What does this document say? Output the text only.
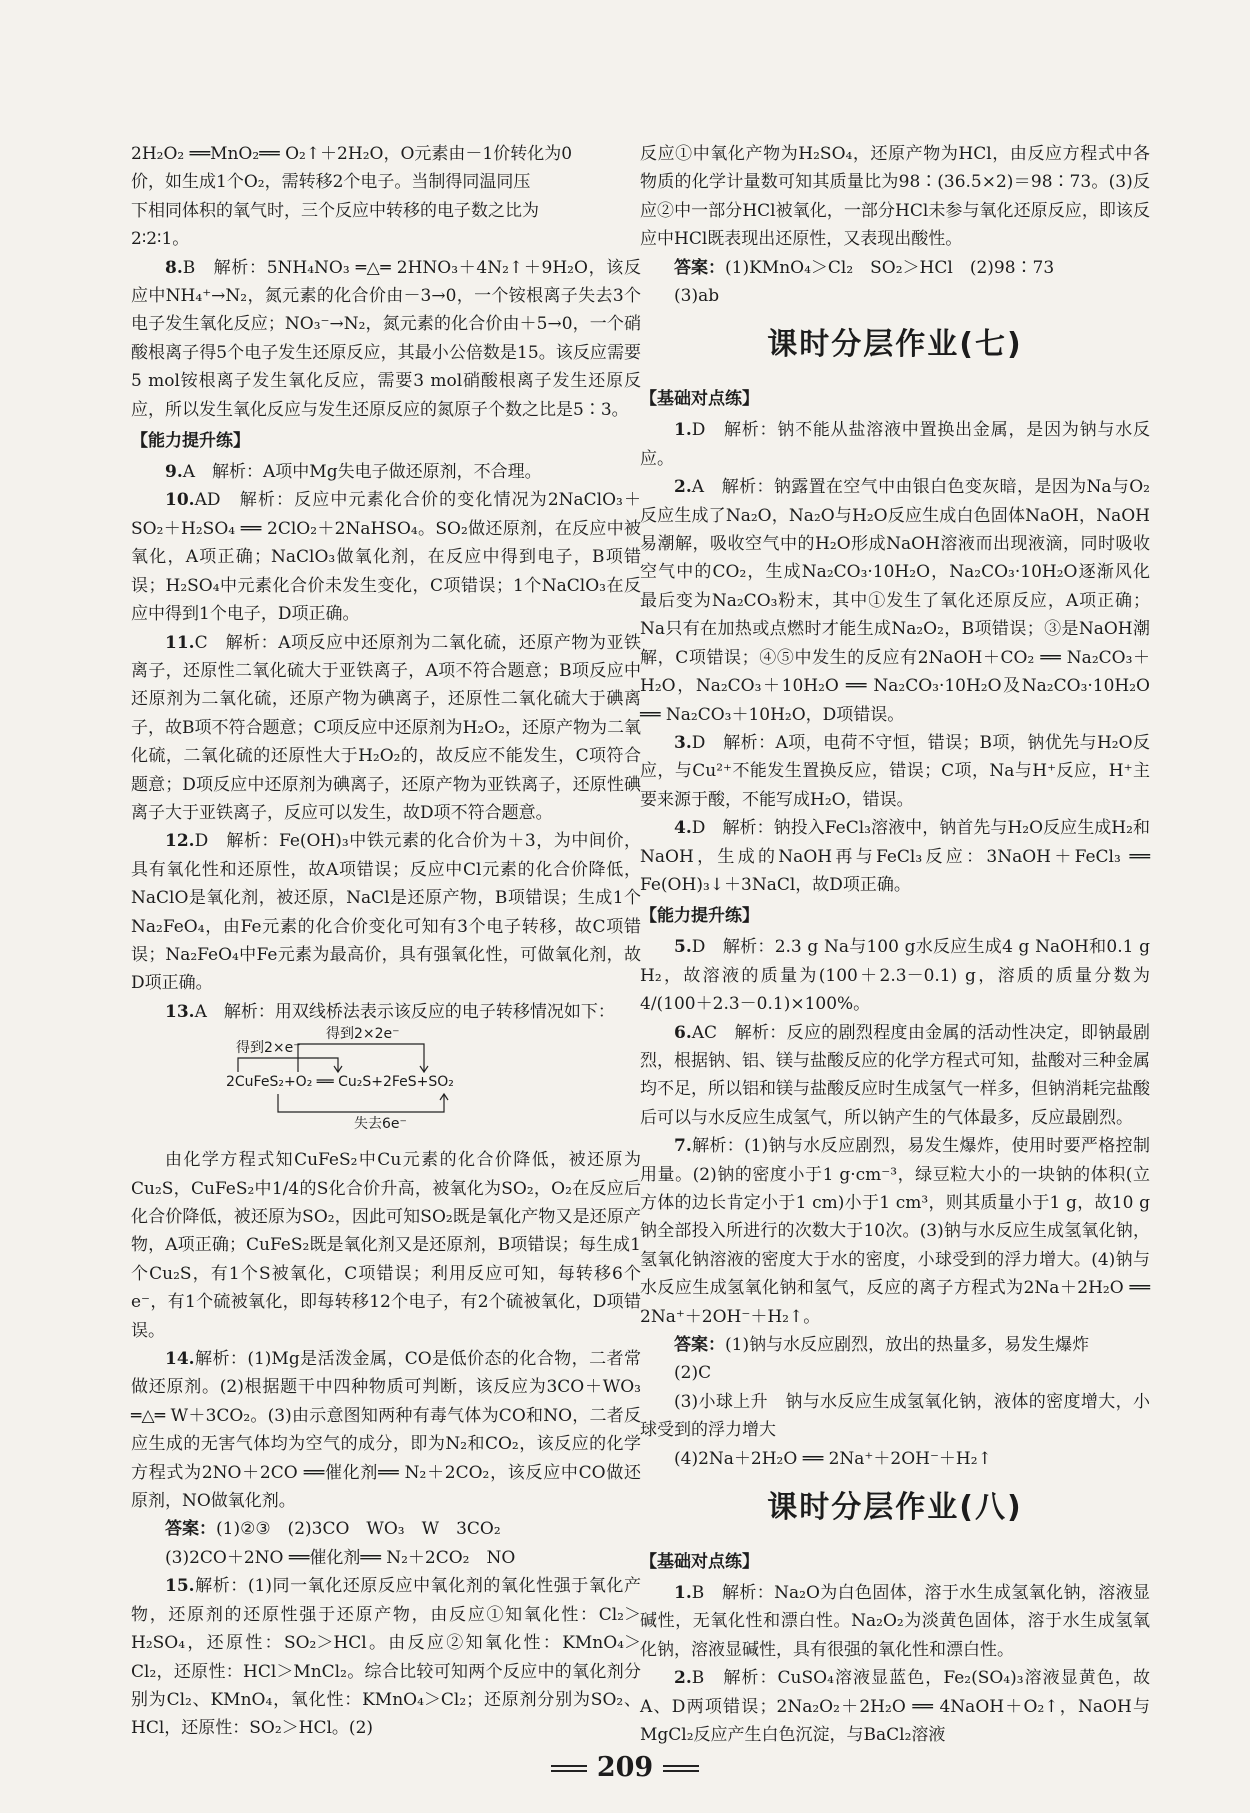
2H₂O₂ ══MnO₂══ O₂↑＋2H₂O，O元素由－1价转化为0

价，如生成1个O₂，需转移2个电子。当制得同温同压

下相同体积的氧气时，三个反应中转移的电子数之比为

2∶2∶1。

8.B　解析：5NH₄NO₃ ═△═ 2HNO₃＋4N₂↑＋9H₂O，该反应中NH₄⁺→N₂，氮元素的化合价由－3→0，一个铵根离子失去3个电子发生氧化反应；NO₃⁻→N₂，氮元素的化合价由＋5→0，一个硝酸根离子得5个电子发生还原反应，其最小公倍数是15。该反应需要5 mol铵根离子发生氧化反应，需要3 mol硝酸根离子发生还原反应，所以发生氧化反应与发生还原反应的氮原子个数之比是5∶3。

【能力提升练】

9.A　解析：A项中Mg失电子做还原剂，不合理。

10.AD　解析：反应中元素化合价的变化情况为2NaClO₃＋SO₂＋H₂SO₄ ══ 2ClO₂＋2NaHSO₄。SO₂做还原剂，在反应中被氧化，A项正确；NaClO₃做氧化剂，在反应中得到电子，B项错误；H₂SO₄中元素化合价未发生变化，C项错误；1个NaClO₃在反应中得到1个电子，D项正确。

11.C　解析：A项反应中还原剂为二氧化硫，还原产物为亚铁离子，还原性二氧化硫大于亚铁离子，A项不符合题意；B项反应中还原剂为二氧化硫，还原产物为碘离子，还原性二氧化硫大于碘离子，故B项不符合题意；C项反应中还原剂为H₂O₂，还原产物为二氧化硫，二氧化硫的还原性大于H₂O₂的，故反应不能发生，C项符合题意；D项反应中还原剂为碘离子，还原产物为亚铁离子，还原性碘离子大于亚铁离子，反应可以发生，故D项不符合题意。

12.D　解析：Fe(OH)₃中铁元素的化合价为＋3，为中间价，具有氧化性和还原性，故A项错误；反应中Cl元素的化合价降低，NaClO是氧化剂，被还原，NaCl是还原产物，B项错误；生成1个Na₂FeO₄，由Fe元素的化合价变化可知有3个电子转移，故C项错误；Na₂FeO₄中Fe元素为最高价，具有强氧化性，可做氧化剂，故D项正确。

13.A　解析：用双线桥法表示该反应的电子转移情况如下：

得到2×e⁻
得到2×2e⁻
2CuFeS₂+O₂ ══ Cu₂S+2FeS+SO₂
失去6e⁻

由化学方程式知CuFeS₂中Cu元素的化合价降低，被还原为Cu₂S，CuFeS₂中1/4的S化合价升高，被氧化为SO₂，O₂在反应后化合价降低，被还原为SO₂，因此可知SO₂既是氧化产物又是还原产物，A项正确；CuFeS₂既是氧化剂又是还原剂，B项错误；每生成1个Cu₂S，有1个S被氧化，C项错误；利用反应可知，每转移6个e⁻，有1个硫被氧化，即每转移12个电子，有2个硫被氧化，D项错误。

14.解析：(1)Mg是活泼金属，CO是低价态的化合物，二者常做还原剂。(2)根据题干中四种物质可判断，该反应为3CO＋WO₃ ═△═ W＋3CO₂。(3)由示意图知两种有毒气体为CO和NO，二者反应生成的无害气体均为空气的成分，即为N₂和CO₂，该反应的化学方程式为2NO＋2CO ══催化剂══ N₂＋2CO₂，该反应中CO做还原剂，NO做氧化剂。

答案：(1)②③　(2)3CO　WO₃　W　3CO₂

(3)2CO＋2NO ══催化剂══ N₂＋2CO₂　NO

15.解析：(1)同一氧化还原反应中氧化剂的氧化性强于氧化产物，还原剂的还原性强于还原产物，由反应①知氧化性：Cl₂＞H₂SO₄，还原性：SO₂＞HCl。由反应②知氧化性：KMnO₄＞Cl₂，还原性：HCl＞MnCl₂。综合比较可知两个反应中的氧化剂分别为Cl₂、KMnO₄，氧化性：KMnO₄＞Cl₂；还原剂分别为SO₂、HCl，还原性：SO₂＞HCl。(2)

反应①中氧化产物为H₂SO₄，还原产物为HCl，由反应方程式中各物质的化学计量数可知其质量比为98∶(36.5×2)＝98∶73。(3)反应②中一部分HCl被氧化，一部分HCl未参与氧化还原反应，即该反应中HCl既表现出还原性，又表现出酸性。

答案：(1)KMnO₄＞Cl₂　SO₂＞HCl　(2)98∶73

(3)ab

课时分层作业(七)
【基础对点练】

1.D　解析：钠不能从盐溶液中置换出金属，是因为钠与水反应。

2.A　解析：钠露置在空气中由银白色变灰暗，是因为Na与O₂反应生成了Na₂O，Na₂O与H₂O反应生成白色固体NaOH，NaOH易潮解，吸收空气中的H₂O形成NaOH溶液而出现液滴，同时吸收空气中的CO₂，生成Na₂CO₃·10H₂O，Na₂CO₃·10H₂O逐渐风化最后变为Na₂CO₃粉末，其中①发生了氧化还原反应，A项正确；Na只有在加热或点燃时才能生成Na₂O₂，B项错误；③是NaOH潮解，C项错误；④⑤中发生的反应有2NaOH＋CO₂ ══ Na₂CO₃＋H₂O，Na₂CO₃＋10H₂O ══ Na₂CO₃·10H₂O及Na₂CO₃·10H₂O ══ Na₂CO₃＋10H₂O，D项错误。

3.D　解析：A项，电荷不守恒，错误；B项，钠优先与H₂O反应，与Cu²⁺不能发生置换反应，错误；C项，Na与H⁺反应，H⁺主要来源于酸，不能写成H₂O，错误。

4.D　解析：钠投入FeCl₃溶液中，钠首先与H₂O反应生成H₂和NaOH，生成的NaOH再与FeCl₃反应：3NaOH＋FeCl₃ ══ Fe(OH)₃↓＋3NaCl，故D项正确。

【能力提升练】

5.D　解析：2.3 g Na与100 g水反应生成4 g NaOH和0.1 g H₂，故溶液的质量为(100＋2.3－0.1) g，溶质的质量分数为4/(100＋2.3－0.1)×100%。

6.AC　解析：反应的剧烈程度由金属的活动性决定，即钠最剧烈，根据钠、铝、镁与盐酸反应的化学方程式可知，盐酸对三种金属均不足，所以铝和镁与盐酸反应时生成氢气一样多，但钠消耗完盐酸后可以与水反应生成氢气，所以钠产生的气体最多，反应最剧烈。

7.解析：(1)钠与水反应剧烈，易发生爆炸，使用时要严格控制用量。(2)钠的密度小于1 g·cm⁻³，绿豆粒大小的一块钠的体积(立方体的边长肯定小于1 cm)小于1 cm³，则其质量小于1 g，故10 g钠全部投入所进行的次数大于10次。(3)钠与水反应生成氢氧化钠，氢氧化钠溶液的密度大于水的密度，小球受到的浮力增大。(4)钠与水反应生成氢氧化钠和氢气，反应的离子方程式为2Na＋2H₂O ══ 2Na⁺＋2OH⁻＋H₂↑。

答案：(1)钠与水反应剧烈，放出的热量多，易发生爆炸

(2)C

(3)小球上升　钠与水反应生成氢氧化钠，液体的密度增大，小球受到的浮力增大

(4)2Na＋2H₂O ══ 2Na⁺＋2OH⁻＋H₂↑

课时分层作业(八)
【基础对点练】

1.B　解析：Na₂O为白色固体，溶于水生成氢氧化钠，溶液显碱性，无氧化性和漂白性。Na₂O₂为淡黄色固体，溶于水生成氢氧化钠，溶液显碱性，具有很强的氧化性和漂白性。

2.B　解析：CuSO₄溶液显蓝色，Fe₂(SO₄)₃溶液显黄色，故A、D两项错误；2Na₂O₂＋2H₂O ══ 4NaOH＋O₂↑，NaOH与MgCl₂反应产生白色沉淀，与BaCl₂溶液

209
